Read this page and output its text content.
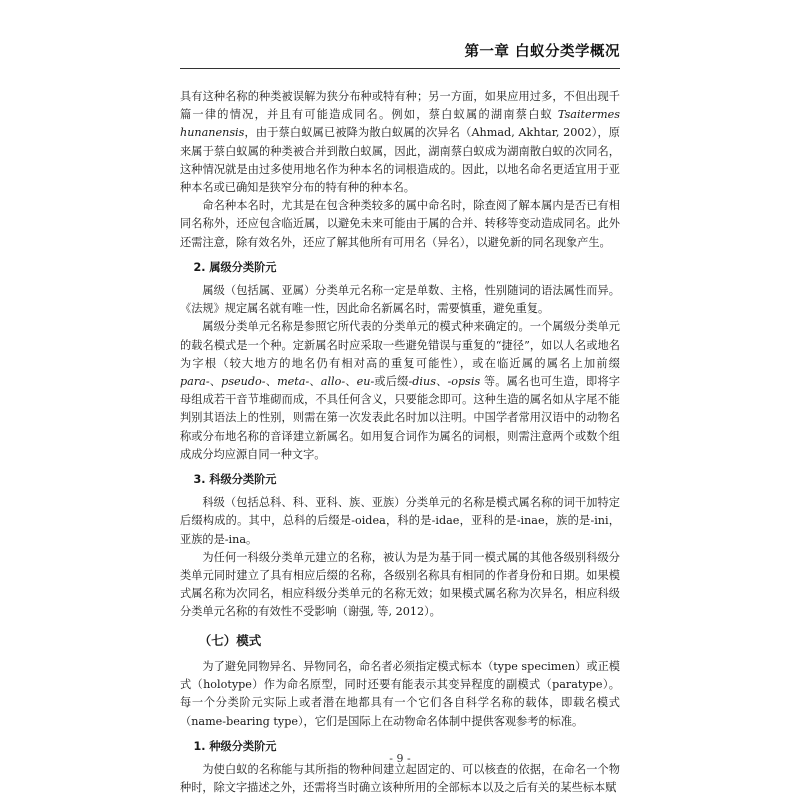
第一章 白蚁分类学概况

具有这种名称的种类被误解为狭分布种或特有种；另一方面，如果应用过多，不但出现千篇一律的情况，并且有可能造成同名。例如，蔡白蚁属的湖南蔡白蚁 Tsaitermes hunanensis，由于蔡白蚁属已被降为散白蚁属的次异名（Ahmad, Akhtar, 2002），原来属于蔡白蚁属的种类被合并到散白蚁属，因此，湖南蔡白蚁成为湖南散白蚁的次同名，这种情况就是由过多使用地名作为种本名的词根造成的。因此，以地名命名更适宜用于亚种本名或已确知是狭窄分布的特有种的种本名。

命名种本名时，尤其是在包含种类较多的属中命名时，除查阅了解本属内是否已有相同名称外，还应包含临近属，以避免未来可能由于属的合并、转移等变动造成同名。此外还需注意，除有效名外，还应了解其他所有可用名（异名），以避免新的同名现象产生。

2. 属级分类阶元

属级（包括属、亚属）分类单元名称一定是单数、主格，性别随词的语法属性而异。《法规》规定属名就有唯一性，因此命名新属名时，需要慎重，避免重复。

属级分类单元名称是参照它所代表的分类单元的模式种来确定的。一个属级分类单元的载名模式是一个种。定新属名时应采取一些避免错误与重复的“捷径”，如以人名或地名为字根（较大地方的地名仍有相对高的重复可能性），或在临近属的属名上加前缀 para-、pseudo-、meta-、allo-、eu-或后缀-dius、-opsis 等。属名也可生造，即将字母组成若干音节堆砌而成，不具任何含义，只要能念即可。这种生造的属名如从字尾不能判别其语法上的性别，则需在第一次发表此名时加以注明。中国学者常用汉语中的动物名称或分布地名称的音译建立新属名。如用复合词作为属名的词根，则需注意两个或数个组成成分均应源自同一种文字。

3. 科级分类阶元

科级（包括总科、科、亚科、族、亚族）分类单元的名称是模式属名称的词干加特定后缀构成的。其中，总科的后缀是-oidea，科的是-idae，亚科的是-inae，族的是-ini，亚族的是-ina。

为任何一科级分类单元建立的名称，被认为是为基于同一模式属的其他各级别科级分类单元同时建立了具有相应后缀的名称，各级别名称具有相同的作者身份和日期。如果模式属名称为次同名，相应科级分类单元的名称无效；如果模式属名称为次异名，相应科级分类单元名称的有效性不受影响（谢强, 等, 2012）。

（七）模式

为了避免同物异名、异物同名，命名者必须指定模式标本（type specimen）或正模式（holotype）作为命名原型，同时还要有能表示其变异程度的副模式（paratype）。每一个分类阶元实际上或者潜在地都具有一个它们各自科学名称的载体，即载名模式（name-bearing type），它们是国际上在动物命名体制中提供客观参考的标准。

1. 种级分类阶元

为使白蚁的名称能与其所指的物种间建立起固定的、可以核查的依据，在命名一个物种时，除文字描述之外，还需将当时确立该种所用的全部标本以及之后有关的某些标本赋

- 9 -
